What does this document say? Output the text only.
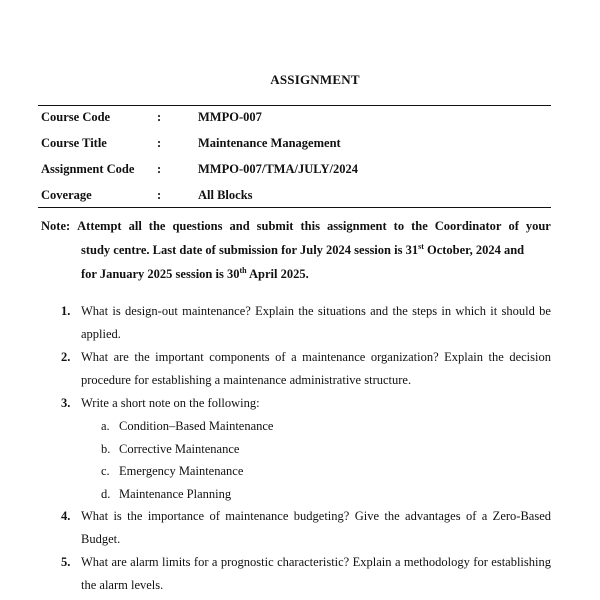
ASSIGNMENT
Course Code	:	MMPO-007
Course Title	:	Maintenance Management
Assignment Code :	MMPO-007/TMA/JULY/2024
Coverage	:	All Blocks
Note: Attempt all the questions and submit this assignment to the Coordinator of your
study centre. Last date of submission for July 2024 session is 31st October, 2024 and
for January 2025 session is 30th April 2025.
1. What is design-out maintenance? Explain the situations and the steps in which it should be applied.
2. What are the important components of a maintenance organization? Explain the decision procedure for establishing a maintenance administrative structure.
3. Write a short note on the following:
a. Condition–Based Maintenance
b. Corrective Maintenance
c. Emergency Maintenance
d. Maintenance Planning
4. What is the importance of maintenance budgeting? Give the advantages of a Zero-Based Budget.
5. What are alarm limits for a prognostic characteristic? Explain a methodology for establishing the alarm levels.
